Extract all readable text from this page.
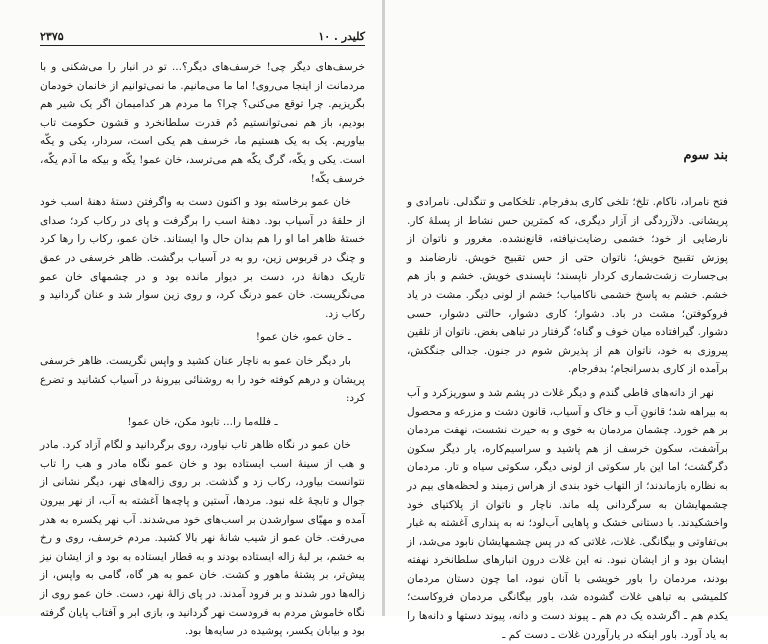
کلیدر . ۱۰
۲۳۷۵

خرسف‌های دیگر چی! خرسف‌های دیگر؟... تو در انبار را می‌شکنی و با مردمانت از اینجا می‌روی! اما ما می‌مانیم. ما نمی‌توانیم از خانمان خودمان بگریزیم. چرا توقع می‌کنی؟ چرا؟ ما مردم هر کدامیمان اگر یک شیر هم بودیم، باز هم نمی‌توانستیم دُم قدرت سلطانخرد و قشون حکومت تاب بیاوریم. یک به یک هستیم ما، خرسف هم یکی است، سردار، یکی و یکّه است. یکی و یکّه، گرگ یکّه هم می‌ترسد، خان عمو! یکّه و بیکه ما آدم یکّه، خرسف یکّه!

خان عمو برخاسته بود و اکنون دست به واگرفتن دستهٔ دهنهٔ اسب خود از حلقهٔ در آسیاب بود. دهنهٔ اسب را برگرفت و پای در رکاب کرد؛ صدای خستهٔ ظاهر اما او را هم بدان حال وا ایستاند. خان عمو، رکاب را رها کرد و چنگ در قربوس زین، رو به در آسیاب برگشت. ظاهر خرسفی در عمق تاریک دهانهٔ در، دست بر دیوار مانده بود و در چشمهای خان عمو می‌نگریست. خان عمو درنگ کرد، و روی زین سوار شد و عنان گردانید و رکاب زد.

ـ خان عمو، خان عمو!

بار دیگر خان عمو به ناچار عنان کشید و واپس نگریست. ظاهر خرسفی پریشان و درهم کوفته خود را به روشنائی بیرونهٔ در آسیاب کشانید و تضرع کرد:

ـ فلله‌ما را... تابود مکن، خان عمو!

خان عمو در نگاه ظاهر تاب نیاورد، روی برگردانید و لگام آزاد کرد. مادر و هب از سینهٔ اسب ایستاده بود و خان عمو نگاه مادر و هب را تاب نتوانست بیاورد، رکاب زد و گذشت. بر روی زاله‌های نهر، دیگر نشانی از جوال و تابچهٔ غله نبود. مردها، آستین و پاچه‌ها آغشته به آب، از نهر بیرون آمده و مهیّای سوارشدن بر اسب‌های خود می‌شدند. آب نهر یکسره به هدر می‌رفت. خان عمو از شیب شانهٔ نهر بالا کشید. مردم خرسف، روی و رخ به خشم، بر لبهٔ زاله ایستاده بودند و به قطار ایستاده به بود و از ایشان نیز پیش‌تر، بر پشتهٔ ماهور و کشت. خان عمو به هر گاه، گامی به واپس، از زاله‌ها دور شدند و بر فرود آمدند. در پای زالهٔ نهر، دست. خان عمو روی از نگاه خاموش مردم به فرودست نهر گردانید و، بازی ابر و آفتاب پایان گرفته بود و بیابان یکسر، پوشیده در سایه‌ها بود.

بند سوم

فتح نامراد، ناکام. تلخ؛ تلخی کاری بدفرجام. تلخکامی و تنگدلی. نامرادی و پریشانی. دلآزردگی از آزار دیگری، که کمترین حس نشاط از پسلهٔ کار. نارضایی از خود؛ خشمی رضایت‌نیافته، قانع‌نشده. مغرور و ناتوان از پوزش تقبیح خویش؛ ناتوان حتی از حس تقبیح خویش. نارضامند و بی‌جسارت زشت‌شماری کردار ناپسند؛ ناپسندی خویش. خشم و باز هم خشم. خشم به پاسخ خشمی ناکامیاب؛ خشم از لونی دیگر. مشت در یاد فروکوفتن؛ مشت در باد. دشوار؛ کاری دشوار، حالتی دشوار، حسی دشوار. گیرافتاده میان خوف و گناه؛ گرفتار در تباهی بغض. ناتوان از تلقین پیروزی به خود، ناتوان هم از پذیرش شوم در جنون. جدالی جنگکش، برآمده از کاری بدسرانجام؛ بدفرجام.

نهر از دانه‌های قاطی گندم و دیگر غلات در پشم شد و سوریزکرد و آب به بیراهه شد؛ قانونِ آب و خاک و آسیاب، قانون دشت و مزرعه و محصول بر هم خورد. چشمان مردمان به خوی و به حیرت نشست، نهفت مردمان برآشفت، سکون خرسف از هم پاشید و سراسیم‌کاره، یار دیگر سکون دگرگشت؛ اما این بار سکوتی از لونی دیگر، سکوتی سیاه و تار. مردمان به نظاره بازماندند؛ از التهاب خود بندی از هراس زمیند و لحظه‌های بیم در چشمهایشان به سرگردانی پله ماند. ناچار و ناتوان از پلاکتیای خود واخشکیدند. با دستانی خشک و پاهایی آب‌لود؛ نه به پنداری آغشته به غبار بی‌تفاوتی و بیگانگی. غلات، غلاتی که در پس چشمهایشان نابود می‌شد، از ایشان بود و از ایشان نبود. نه این غلات درون انبارهای سلطانخرد نهفته بودند، مردمان را باور خویشی با آنان نبود، اما چون دستان مردمان کلمیشی به تباهی غلات گشوده شد، باور بیگانگی مردمان فروکاست؛ یکدم هم ـ اگرشده یک دم هم ـ پیوند دست و دانه، پیوند دستها و دانه‌ها را به یاد آورد. باور اینکه در یارآوردن غلات ـ دست کم ـ
